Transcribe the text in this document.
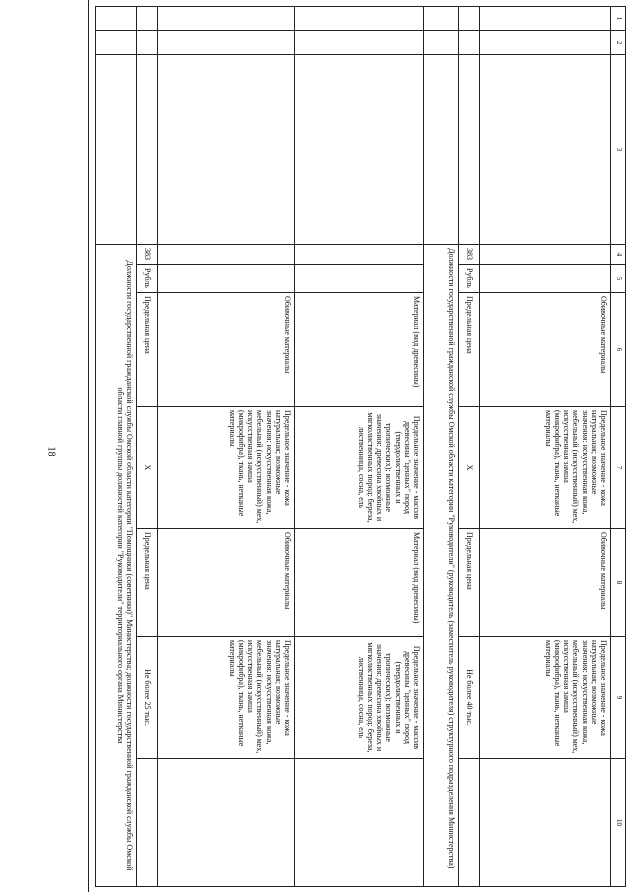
18
1	2	3	4	5	6	7	8	9	10
					Обивочные материалы	Предельное значение - кожа натуральная; возможные значения: искусственная кожа, мебельный (искусственный) мех, искусственная замша (микрофибра), ткань, нетканые материалы	Обивочные материалы	Предельное значение - кожа натуральная; возможные значения: искусственная кожа, мебельный (искусственный) мех, искусственная замша (микрофибра), ткань, нетканые материалы	
			383	Рубль	Предельная цена	X	Предельная цена	Не более 40 тыс.	
			Должности государственной гражданской службы Омской области категории "Руководители" (руководитель (заместитель руководителя) структурного подразделения Министерства)						
					Материал (вид древесины)	Предельное значение - массив древесины "ценных" пород (твердолиственных и тропических); возможные значения: древесина хвойных и мягколиственных пород: береза, лиственница, сосна, ель	Материал (вид древесины)	Предельное значение - массив древесины "ценных" пород (твердолиственных и тропических); возможные значения: древесина хвойных и мягколиственных пород: береза, лиственница, сосна, ель	
					Обивочные материалы	Предельное значение - кожа натуральная; возможные значения: искусственная кожа, мебельный (искусственный) мех, искусственная замша (микрофибра), ткань, нетканые материалы	Обивочные материалы	Предельное значение - кожа натуральная; возможные значения: искусственная кожа, мебельный (искусственный) мех, искусственная замша (микрофибра), ткань, нетканые материалы	
			383	Рубль	Предельная цена	X	Предельная цена	Не более 25 тыс.	
			Должности государственной гражданской службы Омской области категории "Помощники (советники)" Министерства; должности государственной гражданской службы Омской области главной группы должностей категории "Руководители" территориального органа Министерства						
